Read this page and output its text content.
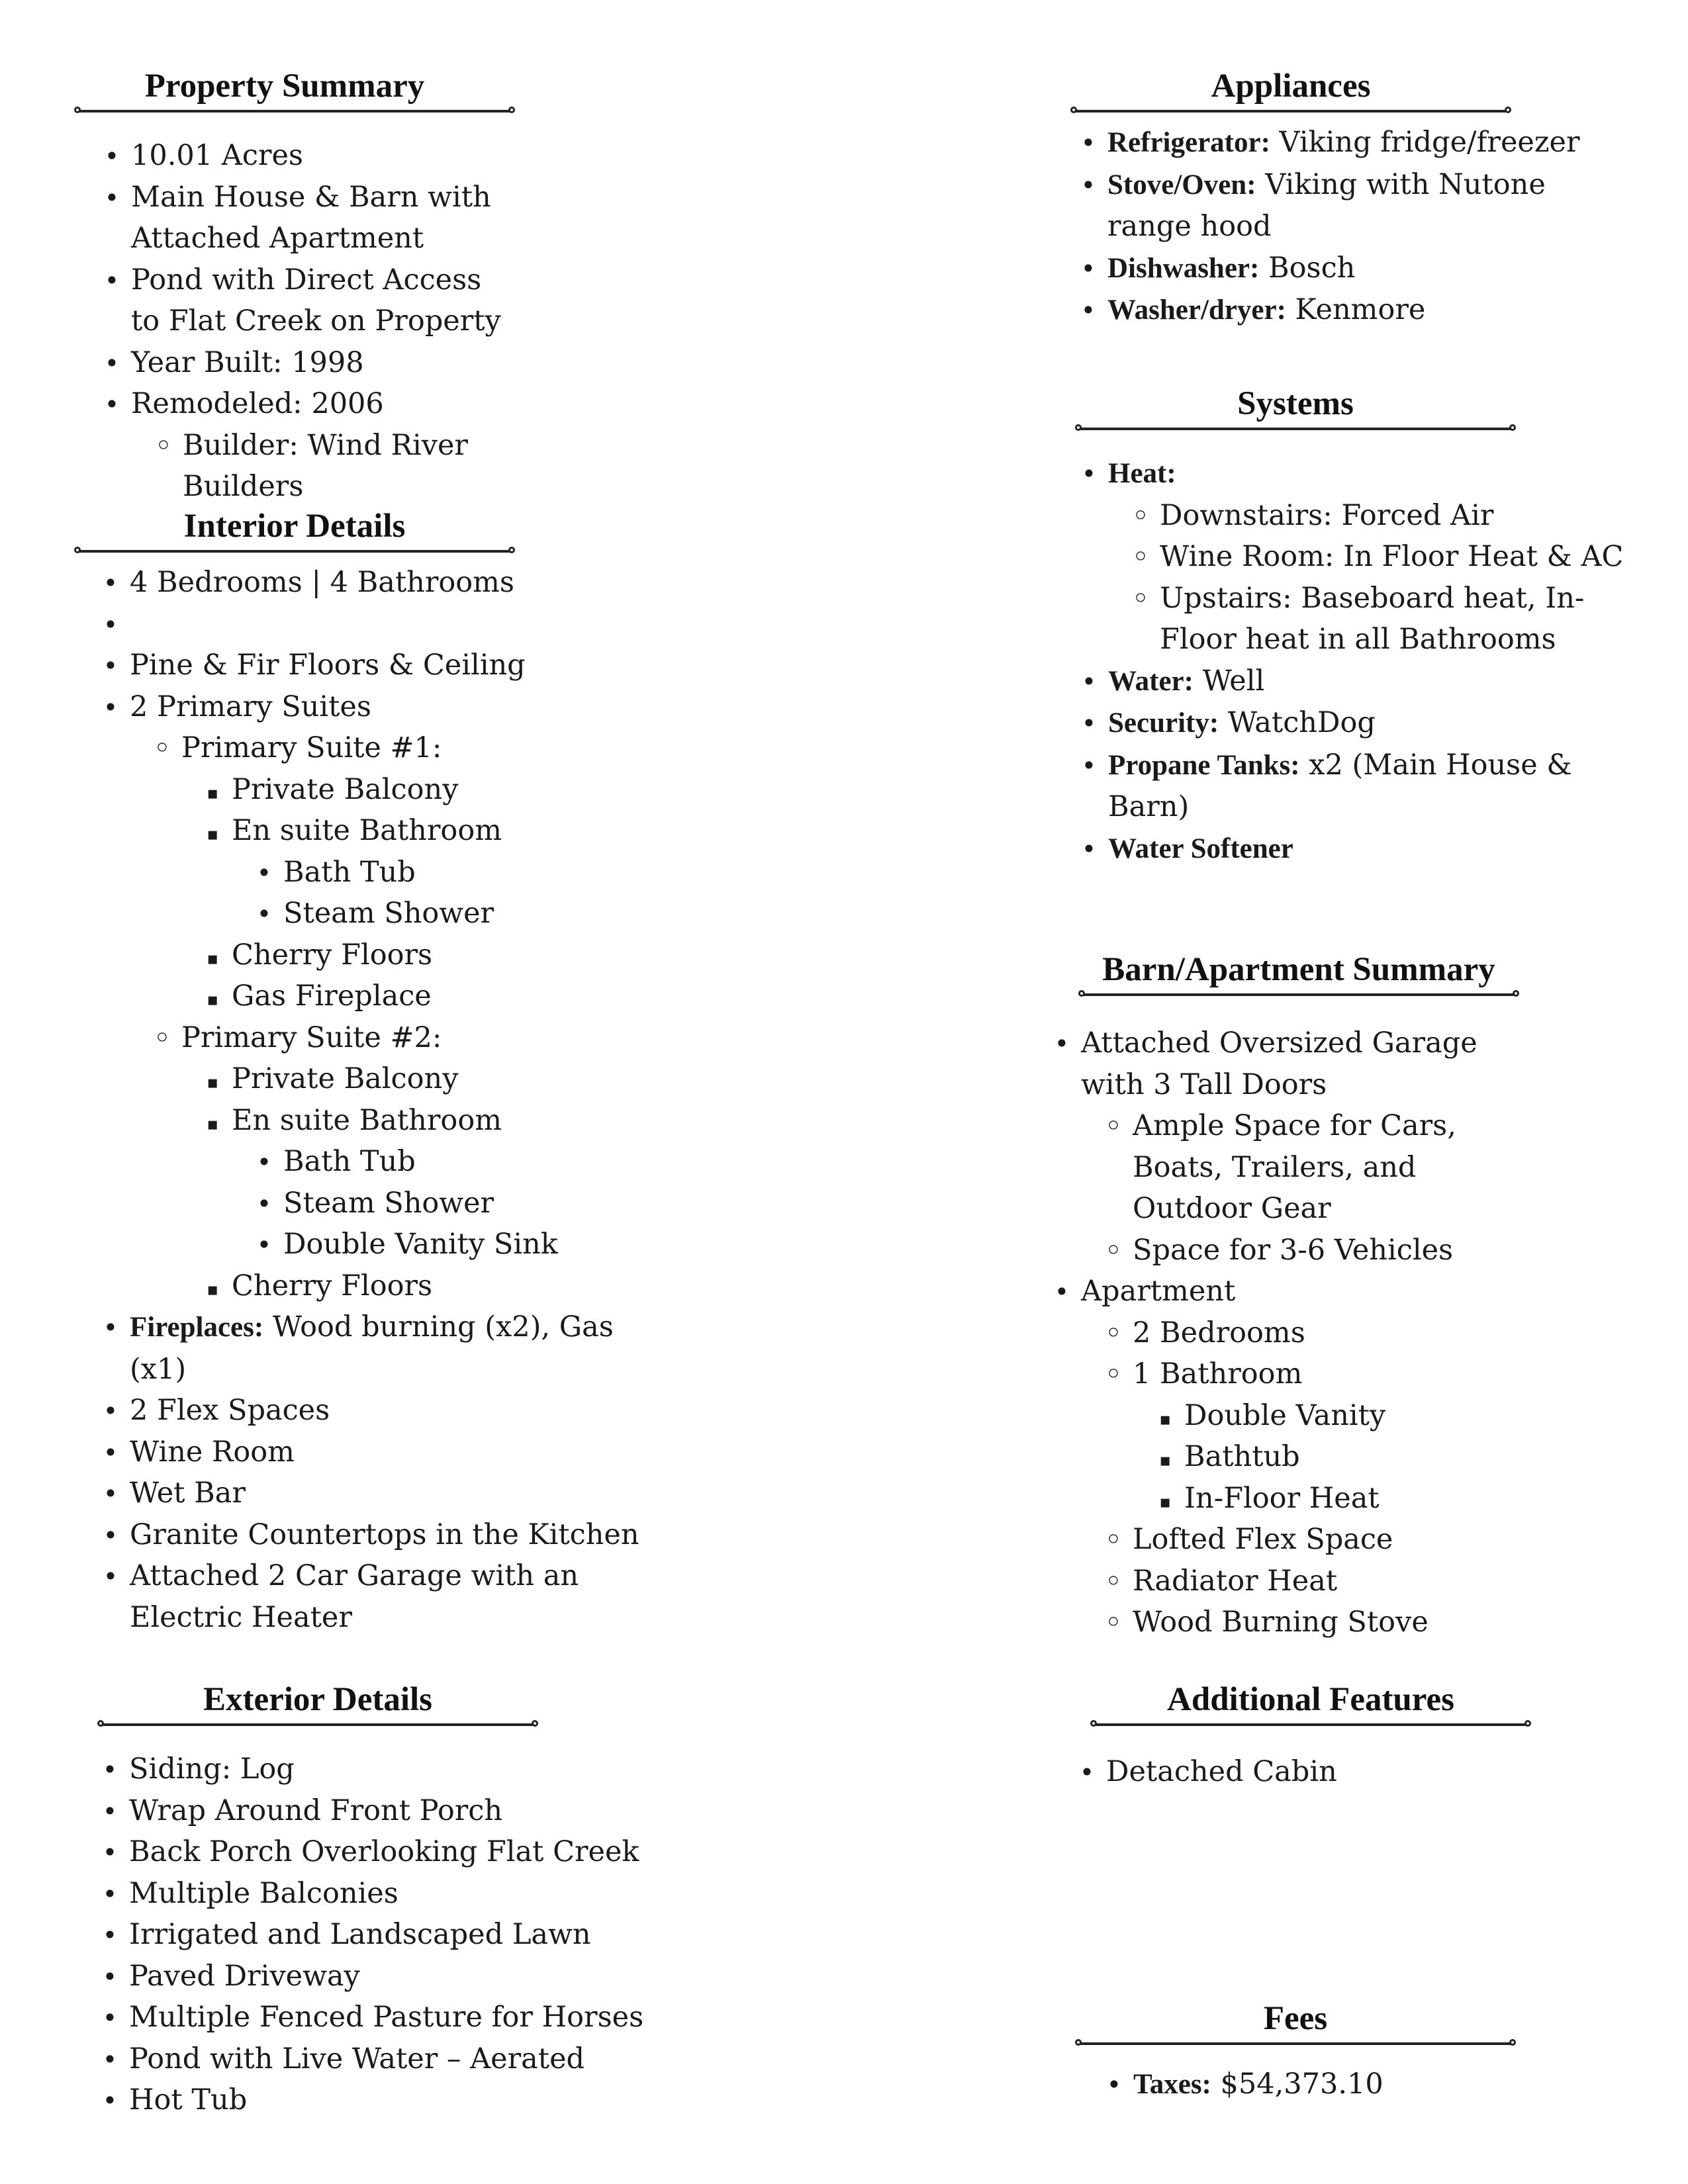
Property Summary
•
10.01 Acres
•
Main House & Barn with Attached Apartment
•
Pond with Direct Access to Flat Creek on Property
•
Year Built: 1998
•
Remodeled: 2006
◦
Builder: Wind River Builders
Interior Details
•
4 Bedrooms | 4 Bathrooms
•

•
Pine & Fir Floors & Ceiling
•
2 Primary Suites
◦
Primary Suite #1:
▪
Private Balcony
▪
En suite Bathroom
•
Bath Tub
•
Steam Shower
▪
Cherry Floors
▪
Gas Fireplace
◦
Primary Suite #2:
▪
Private Balcony
▪
En suite Bathroom
•
Bath Tub
•
Steam Shower
•
Double Vanity Sink
▪
Cherry Floors
•
Fireplaces: Wood burning (x2), Gas (x1)
•
2 Flex Spaces
•
Wine Room
•
Wet Bar
•
Granite Countertops in the Kitchen
•
Attached 2 Car Garage with an Electric Heater
Exterior Details
•
Siding: Log
•
Wrap Around Front Porch
•
Back Porch Overlooking Flat Creek
•
Multiple Balconies
•
Irrigated and Landscaped Lawn
•
Paved Driveway
•
Multiple Fenced Pasture for Horses
•
Pond with Live Water – Aerated
•
Hot Tub
Appliances
•
Refrigerator: Viking fridge/freezer
•
Stove/Oven: Viking with Nutone range hood
•
Dishwasher: Bosch
•
Washer/dryer: Kenmore
Systems
•
Heat:
◦
Downstairs: Forced Air
◦
Wine Room: In Floor Heat & AC
◦
Upstairs: Baseboard heat, In-Floor heat in all Bathrooms
•
Water: Well
•
Security: WatchDog
•
Propane Tanks: x2 (Main House & Barn)
•
Water Softener
Barn/Apartment Summary
•
Attached Oversized Garage with 3 Tall Doors
◦
Ample Space for Cars, Boats, Trailers, and Outdoor Gear
◦
Space for 3-6 Vehicles
•
Apartment
◦
2 Bedrooms
◦
1 Bathroom
▪
Double Vanity
▪
Bathtub
▪
In-Floor Heat
◦
Lofted Flex Space
◦
Radiator Heat
◦
Wood Burning Stove
Additional Features
•
Detached Cabin
Fees
•
Taxes: $54,373.10
